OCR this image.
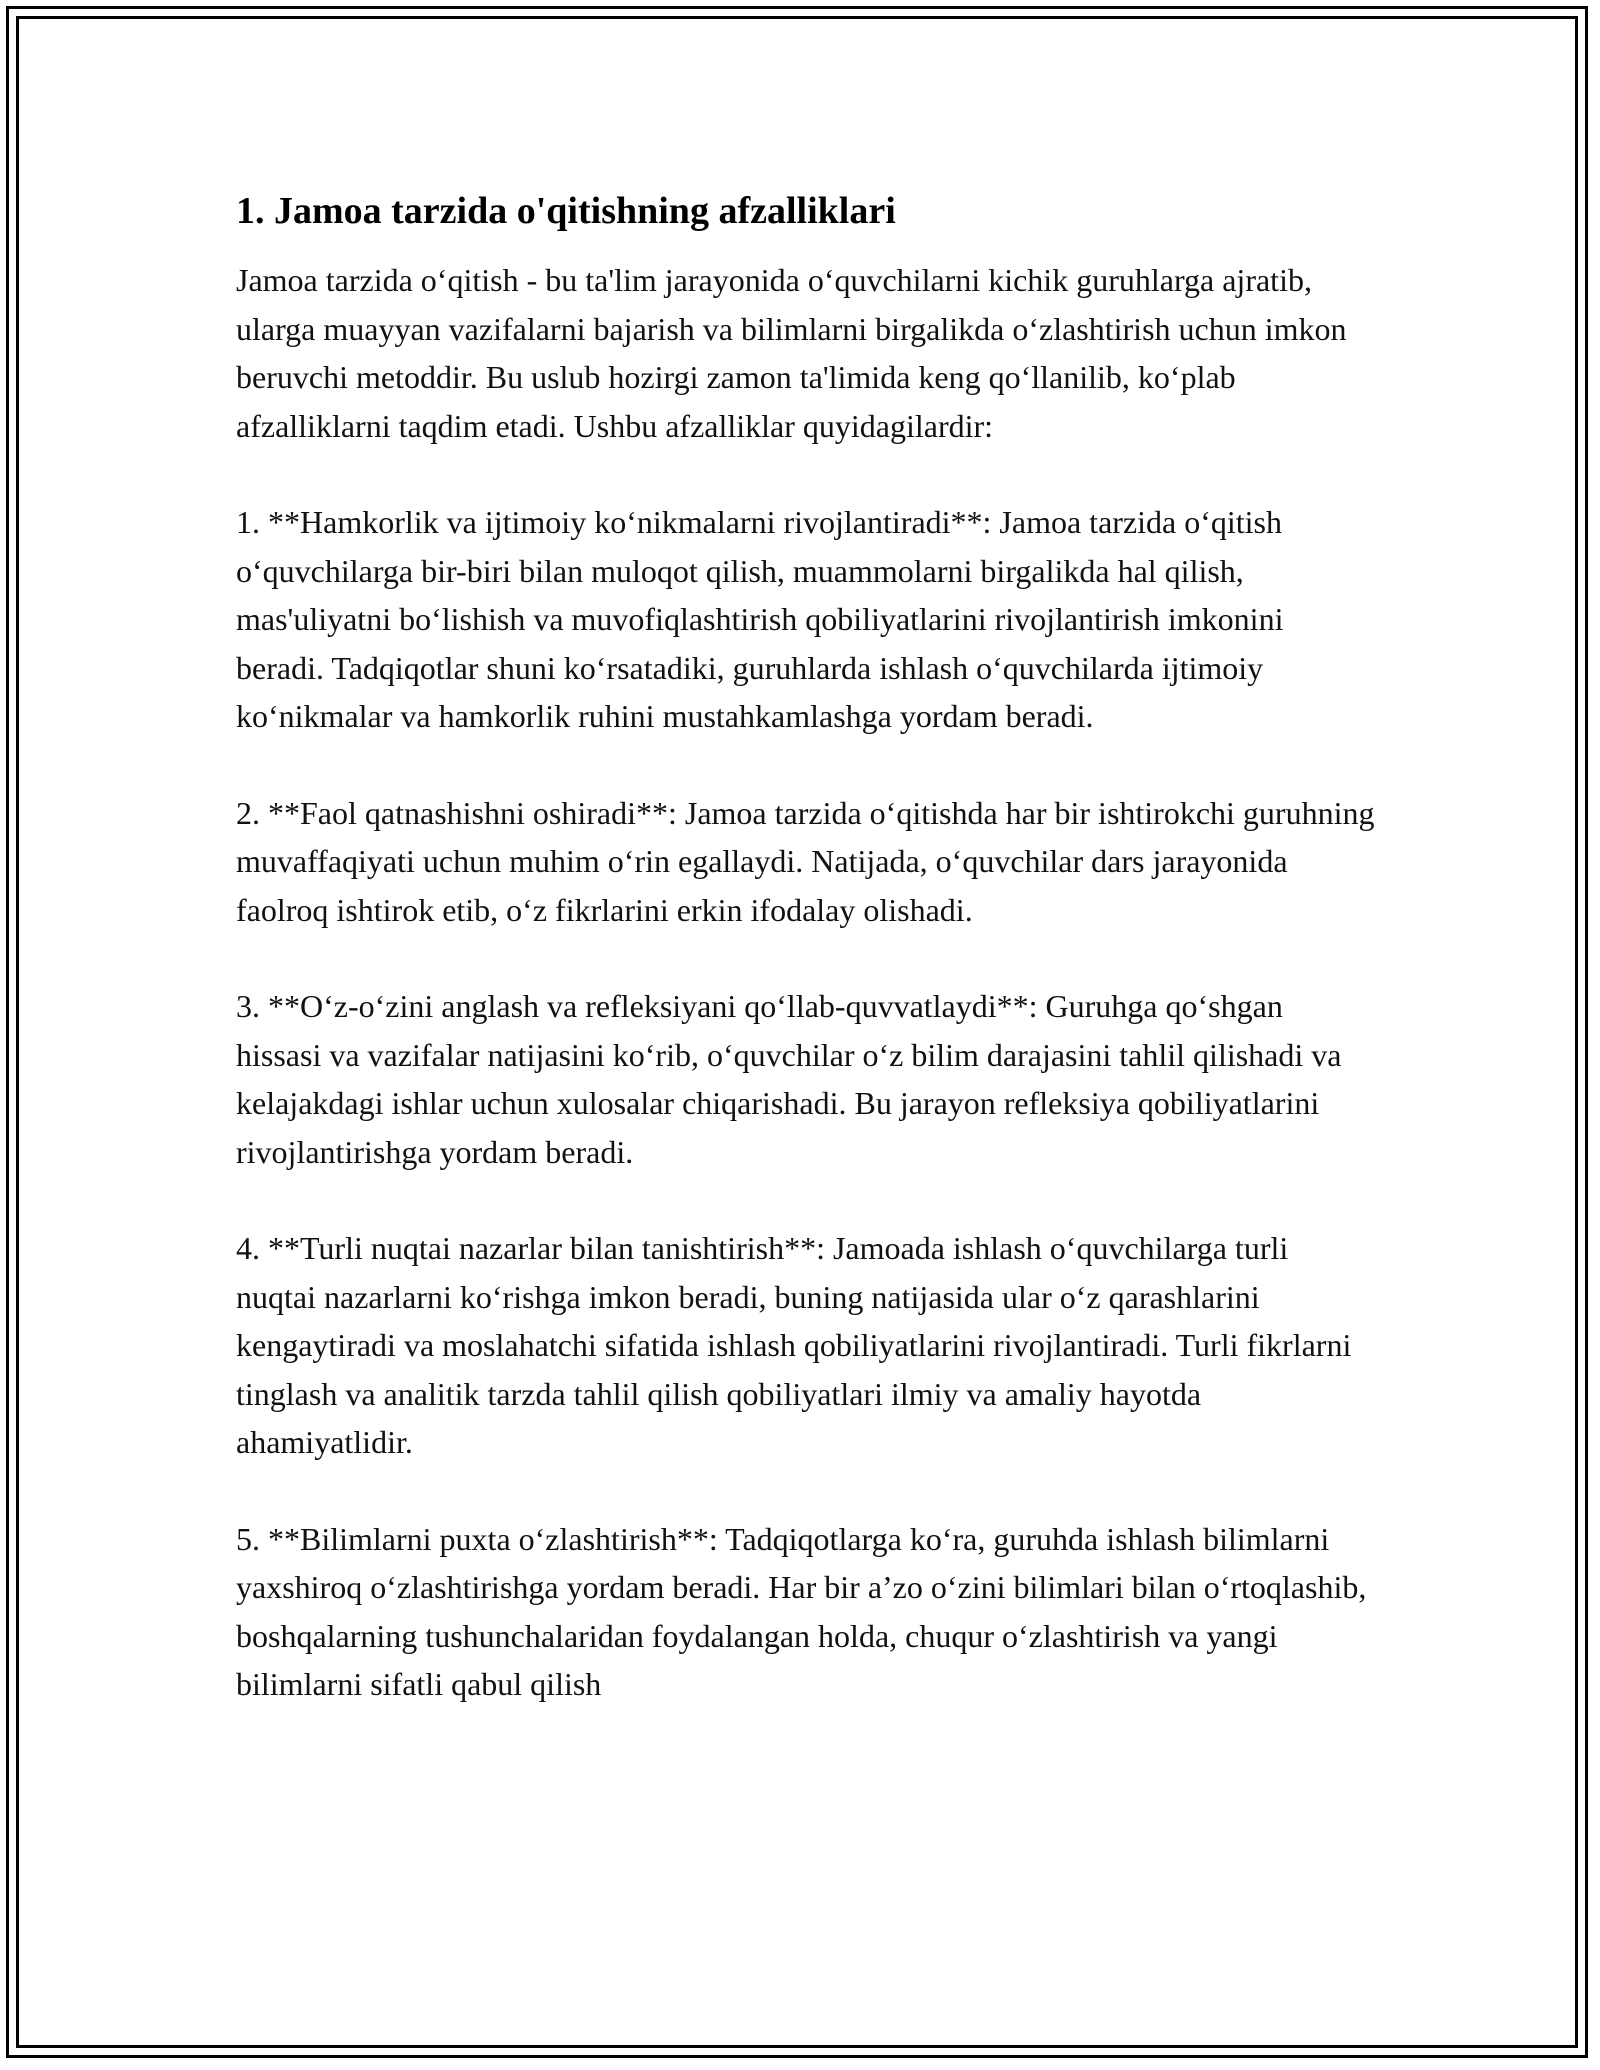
1. Jamoa tarzida o'qitishning afzalliklari

Jamoa tarzida oʻqitish - bu ta'lim jarayonida oʻquvchilarni kichik guruhlarga ajratib, ularga muayyan vazifalarni bajarish va bilimlarni birgalikda oʻzlashtirish uchun imkon beruvchi metoddir. Bu uslub hozirgi zamon ta'limida keng qoʻllanilib, koʻplab afzalliklarni taqdim etadi. Ushbu afzalliklar quyidagilardir:

1. **Hamkorlik va ijtimoiy koʻnikmalarni rivojlantiradi**: Jamoa tarzida oʻqitish oʻquvchilarga bir-biri bilan muloqot qilish, muammolarni birgalikda hal qilish, mas'uliyatni boʻlishish va muvofiqlashtirish qobiliyatlarini rivojlantirish imkonini beradi. Tadqiqotlar shuni koʻrsatadiki, guruhlarda ishlash oʻquvchilarda ijtimoiy koʻnikmalar va hamkorlik ruhini mustahkamlashga yordam beradi.

2. **Faol qatnashishni oshiradi**: Jamoa tarzida oʻqitishda har bir ishtirokchi guruhning muvaffaqiyati uchun muhim oʻrin egallaydi. Natijada, oʻquvchilar dars jarayonida faolroq ishtirok etib, oʻz fikrlarini erkin ifodalay olishadi.

3. **Oʻz-oʻzini anglash va refleksiyani qoʻllab-quvvatlaydi**: Guruhga qoʻshgan hissasi va vazifalar natijasini koʻrib, oʻquvchilar oʻz bilim darajasini tahlil qilishadi va kelajakdagi ishlar uchun xulosalar chiqarishadi. Bu jarayon refleksiya qobiliyatlarini rivojlantirishga yordam beradi.

4. **Turli nuqtai nazarlar bilan tanishtirish**: Jamoada ishlash oʻquvchilarga turli nuqtai nazarlarni koʻrishga imkon beradi, buning natijasida ular oʻz qarashlarini kengaytiradi va moslahatchi sifatida ishlash qobiliyatlarini rivojlantiradi. Turli fikrlarni tinglash va analitik tarzda tahlil qilish qobiliyatlari ilmiy va amaliy hayotda ahamiyatlidir.

5. **Bilimlarni puxta oʻzlashtirish**: Tadqiqotlarga koʻra, guruhda ishlash bilimlarni yaxshiroq oʻzlashtirishga yordam beradi. Har bir a’zo oʻzini bilimlari bilan oʻrtoqlashib, boshqalarning tushunchalaridan foydalangan holda, chuqur oʻzlashtirish va yangi bilimlarni sifatli qabul qilish
